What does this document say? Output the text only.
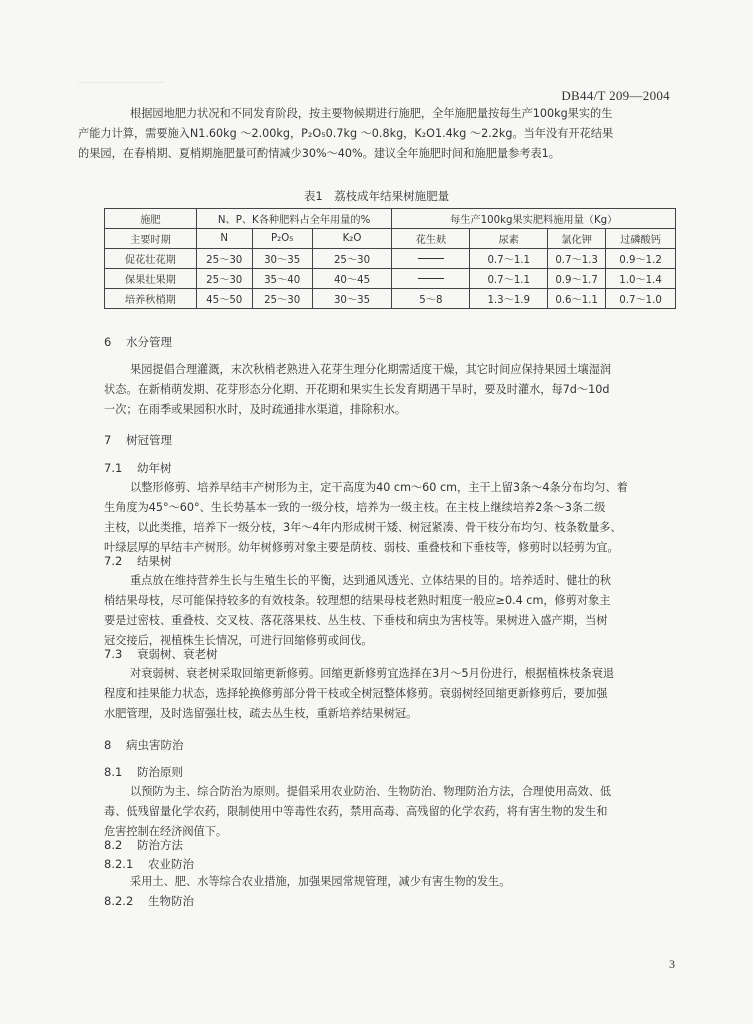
DB44/T 209—2004
根据园地肥力状况和不同发育阶段，按主要物候期进行施肥，全年施肥量按每生产100kg果实的生
产能力计算，需要施入N1.60kg ～2.00kg，P₂O₅0.7kg ～0.8kg，K₂O1.4kg ～2.2kg。当年没有开花结果
的果园，在春梢期、夏梢期施肥量可酌情减少30%～40%。建议全年施肥时间和施肥量参考表1。
表1　荔枝成年结果树施肥量
施肥	N、P、K各种肥料占全年用量的%			每生产100kg果实肥料施用量（Kg）			
主要时期	N	P₂O₅	K₂O	花生麸	尿素	氯化钾	过磷酸钙
促花壮花期	25～30	30～35	25～30		0.7～1.1	0.7～1.3	0.9～1.2
保果壮果期	25～30	35～40	40～45		0.7～1.1	0.9～1.7	1.0～1.4
培养秋梢期	45～50	25～30	30～35	5～8	1.3～1.9	0.6～1.1	0.7～1.0
6 水分管理
果园提倡合理灌溉，末次秋梢老熟进入花芽生理分化期需适度干燥，其它时间应保持果园土壤湿润
状态。在新梢萌发期、花芽形态分化期、开花期和果实生长发育期遇干旱时，要及时灌水，每7d～10d
一次；在雨季或果园积水时，及时疏通排水渠道，排除积水。
7 树冠管理
7.1 幼年树
以整形修剪、培养早结丰产树形为主，定干高度为40 cm～60 cm，主干上留3条～4条分布均匀、着
生角度为45°～60°、生长势基本一致的一级分枝，培养为一级主枝。在主枝上继续培养2条～3条二级
主枝，以此类推，培养下一级分枝，3年～4年内形成树干矮、树冠紧凑、骨干枝分布均匀、枝条数量多、
叶绿层厚的早结丰产树形。幼年树修剪对象主要是荫枝、弱枝、重叠枝和下垂枝等，修剪时以轻剪为宜。
7.2 结果树
重点放在维持营养生长与生殖生长的平衡，达到通风透光、立体结果的目的。培养适时、健壮的秋
梢结果母枝，尽可能保持较多的有效枝条。较理想的结果母枝老熟时粗度一般应≥0.4 cm，修剪对象主
要是过密枝、重叠枝、交叉枝、落花落果枝、丛生枝、下垂枝和病虫为害枝等。果树进入盛产期，当树
冠交接后，视植株生长情况，可进行回缩修剪或间伐。
7.3 衰弱树、衰老树
对衰弱树、衰老树采取回缩更新修剪。回缩更新修剪宜选择在3月～5月份进行，根据植株枝条衰退
程度和挂果能力状态，选择轮换修剪部分骨干枝或全树冠整体修剪。衰弱树经回缩更新修剪后，要加强
水肥管理，及时选留强壮枝，疏去丛生枝，重新培养结果树冠。
8 病虫害防治
8.1 防治原则
以预防为主、综合防治为原则。提倡采用农业防治、生物防治、物理防治方法，合理使用高效、低
毒、低残留量化学农药，限制使用中等毒性农药，禁用高毒、高残留的化学农药，将有害生物的发生和
危害控制在经济阀值下。
8.2 防治方法
8.2.1 农业防治
采用土、肥、水等综合农业措施，加强果园常规管理，减少有害生物的发生。
8.2.2 生物防治
3
